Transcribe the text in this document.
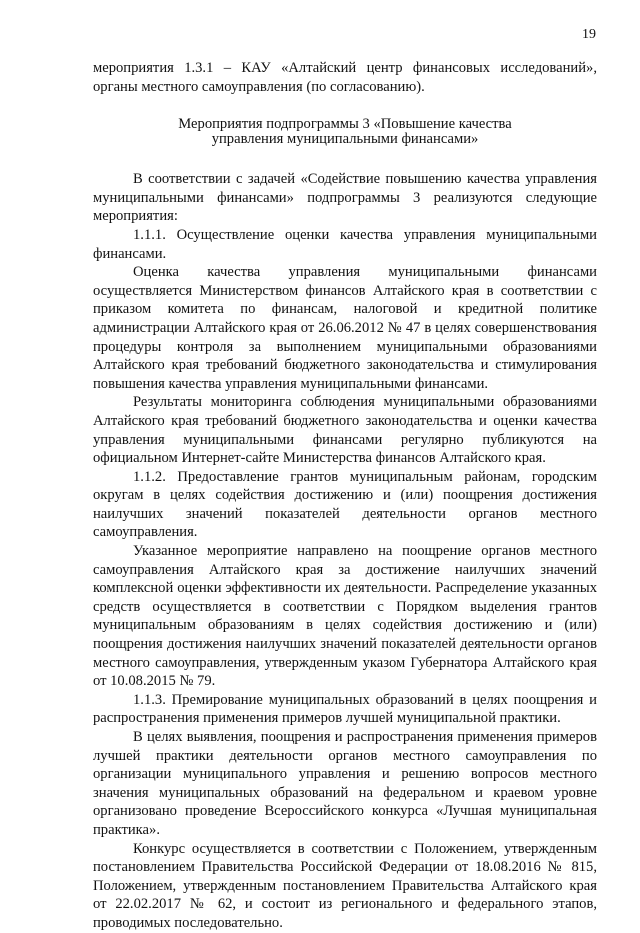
19

мероприятия 1.3.1 – КАУ «Алтайский центр финансовых исследований», органы местного самоуправления (по согласованию).

Мероприятия подпрограммы 3 «Повышение качества
управления муниципальными финансами»

В соответствии с задачей «Содействие повышению качества управления муниципальными финансами» подпрограммы 3 реализуются следующие мероприятия:

1.1.1. Осуществление оценки качества управления муниципальными финансами.

Оценка качества управления муниципальными финансами осуществляется Министерством финансов Алтайского края в соответствии с приказом комитета по финансам, налоговой и кредитной политике администрации Алтайского края от 26.06.2012 № 47 в целях совершенствования процедуры контроля за выполнением муниципальными образованиями Алтайского края требований бюджетного законодательства и стимулирования повышения качества управления муниципальными финансами.

Результаты мониторинга соблюдения муниципальными образованиями Алтайского края требований бюджетного законодательства и оценки качества управления муниципальными финансами регулярно публикуются на официальном Интернет-сайте Министерства финансов Алтайского края.

1.1.2. Предоставление грантов муниципальным районам, городским округам в целях содействия достижению и (или) поощрения достижения наилучших значений показателей деятельности органов местного самоуправления.

Указанное мероприятие направлено на поощрение органов местного самоуправления Алтайского края за достижение наилучших значений комплексной оценки эффективности их деятельности. Распределение указанных средств осуществляется в соответствии с Порядком выделения грантов муниципальным образованиям в целях содействия достижению и (или) поощрения достижения наилучших значений показателей деятельности органов местного самоуправления, утвержденным указом Губернатора Алтайского края от 10.08.2015 № 79.

1.1.3. Премирование муниципальных образований в целях поощрения и распространения применения примеров лучшей муниципальной практики.

В целях выявления, поощрения и распространения применения примеров лучшей практики деятельности органов местного самоуправления по организации муниципального управления и решению вопросов местного значения муниципальных образований на федеральном и краевом уровне организовано проведение Всероссийского конкурса «Лучшая муниципальная практика».

Конкурс осуществляется в соответствии с Положением, утвержденным постановлением Правительства Российской Федерации от 18.08.2016 № 815, Положением, утвержденным постановлением Правительства Алтайского края от 22.02.2017 № 62, и состоит из регионального и федерального этапов, проводимых последовательно.
